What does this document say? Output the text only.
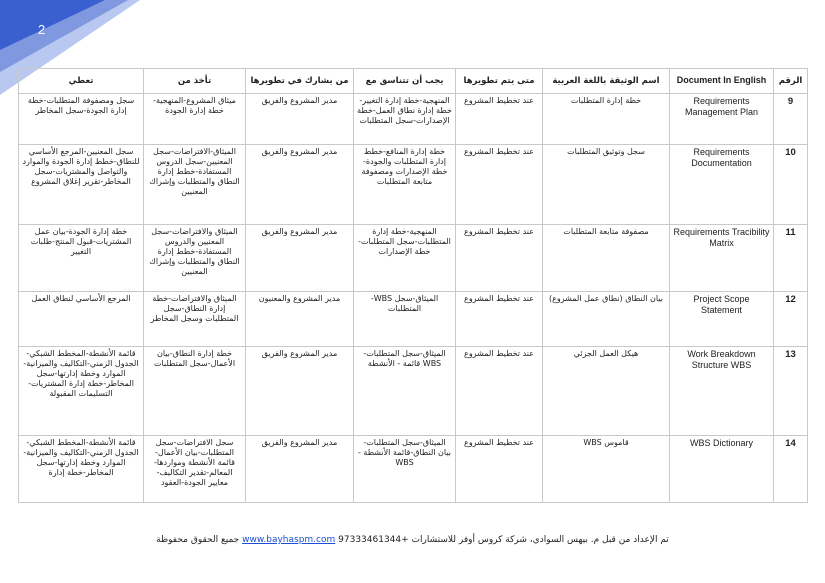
2
الرقم	Document In English	اسم الوثيقة باللغة العربية	متى يتم تطويرها	يجب أن تتناسق مع	من يشارك في تطويرها	تأخذ من	تعطي
9	Requirements Management Plan	خطة إدارة المتطلبات	عند تخطيط المشروع	المنهجية-خطة إدارة التغيير-خطة إدارة نطاق العمل-خطة الإصدارات-سجل المتطلبات	مدير المشروع والفريق	ميثاق المشروع-المنهجية-خطة إدارة الجودة	سجل ومصفوفة المتطلبات-خطة إدارة الجودة-سجل المخاطر
10	Requirements Documentation	سجل وتوثيق المتطلبات	عند تخطيط المشروع	خطة إدارة المنافع-خطط إدارة المتطلبات والجودة-خطة الإصدارات ومصفوفة متابعة المتطلبات	مدير المشروع والفريق	الميثاق-الافتراضات-سجل المعنيين-سجل الدروس المستفادة-خطط إدارة النطاق والمتطلبات وإشراك المعنيين	سجل المعنيين-المرجع الأساسي للنطاق-خطط إدارة الجودة والموارد والتواصل والمشتريات-سجل المخاطر-تقرير إغلاق المشروع
11	Requirements Tracibility Matrix	مصفوفة متابعة المتطلبات	عند تخطيط المشروع	المنهجية-خطة إدارة المتطلبات-سجل المتطلبات-خطة الإصدارات	مدير المشروع والفريق	الميثاق والافتراضات-سجل المعنيين والدروس المستفادة-خطط إدارة النطاق والمتطلبات وإشراك المعنيين	خطة إدارة الجودة-بيان عمل المشتريات-قبول المنتج-طلبات التغيير
12	Project Scope Statement	بيان النطاق (نطاق عمل المشروع)	عند تخطيط المشروع	الميثاق-سجل WBS-المتطلبات	مدير المشروع والمعنيون	الميثاق والافتراضات-خطة إدارة النطاق-سجل المتطلبات وسجل المخاطر	المرجع الأساسي لنطاق العمل
13	Work Breakdown Structure WBS	هيكل العمل الجزئي	عند تخطيط المشروع	الميثاق-سجل المتطلبات-WBS قائمة - الأنشطة	مدير المشروع والفريق	خطة إدارة النطاق-بيان الأعمال-سجل المتطلبات	قائمة الأنشطة-المخطط الشبكي-الجدول الزمني-التكاليف والميزانية-الموارد وخطة إدارتها-سجل المخاطر-خطة إدارة المشتريات-التسليمات المقبولة
14	WBS Dictionary	قاموس WBS	عند تخطيط المشروع	الميثاق-سجل المتطلبات-بيان النطاق-قائمة الأنشطة - WBS	مدير المشروع والفريق	سجل الافتراضات-سجل المتطلبات-بيان الأعمال-قائمة الأنشطة ومواردها-المعالم-تقدير التكاليف-معايير الجودة-العقود	قائمة الأنشطة-المخطط الشبكي-الجدول الزمني-التكاليف والميزانية-الموارد وخطة إدارتها-سجل المخاطر-خطة إدارة
تم الإعداد من قبل م. بيهس السوادي، شركة كروس أوفر للاستشارات +97333461344 www.bayhaspm.com جميع الحقوق محفوظة
